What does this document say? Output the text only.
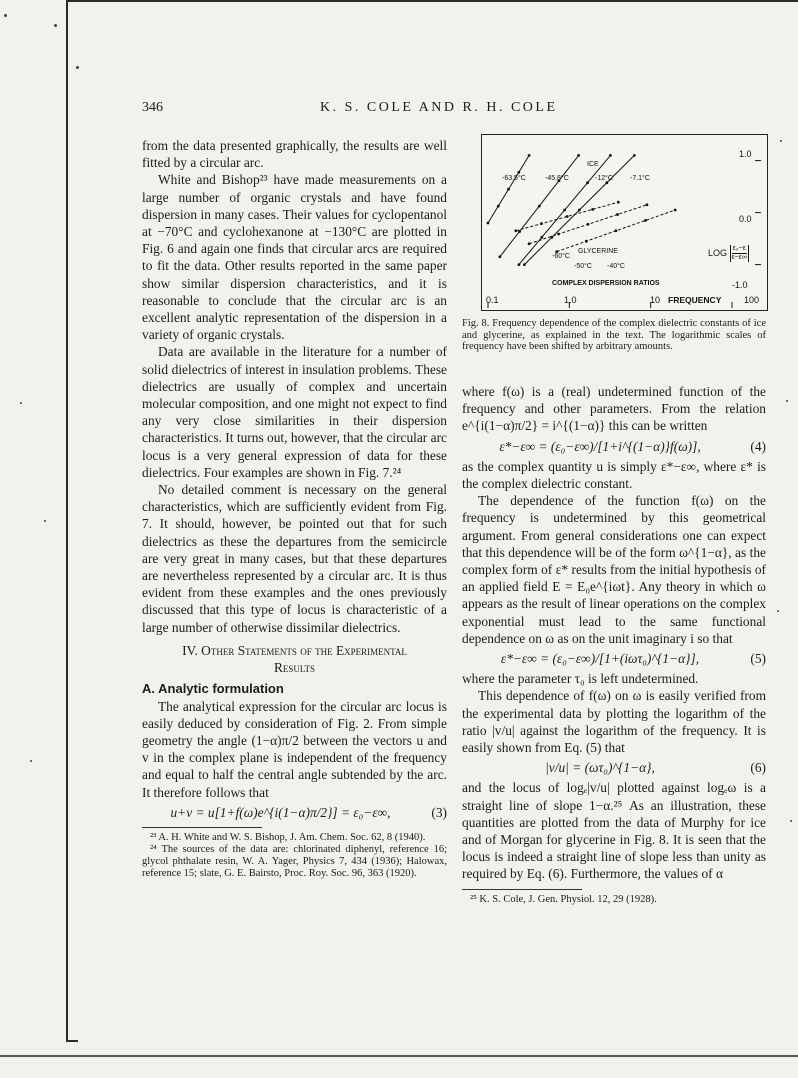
346	K. S. COLE AND R. H. COLE

from the data presented graphically, the results are well fitted by a circular arc.

White and Bishop²³ have made measurements on a large number of organic crystals and have found dispersion in many cases. Their values for cyclopentanol at −70°C and cyclohexanone at −130°C are plotted in Fig. 6 and again one finds that circular arcs are required to fit the data. Other results reported in the same paper show similar dispersion characteristics, and it is reasonable to conclude that the circular arc is an excellent analytic representation of the dispersion in a variety of organic crystals.

Data are available in the literature for a number of solid dielectrics of interest in insulation problems. These dielectrics are usually of complex and uncertain molecular composition, and one might not expect to find any very close similarities in their dispersion characteristics. It turns out, however, that the circular arc locus is a very general expression of data for these dielectrics. Four examples are shown in Fig. 7.²⁴

No detailed comment is necessary on the general characteristics, which are sufficiently evident from Fig. 7. It should, however, be pointed out that for such dielectrics as these the departures from the semicircle are very great in many cases, but that these departures are nevertheless represented by a circular arc. It is thus evident from these examples and the ones previously discussed that this type of locus is characteristic of a large number of otherwise dissimilar dielectrics.

IV. Other Statements of the Experimental
Results
A. Analytic formulation

The analytical expression for the circular arc locus is easily deduced by consideration of Fig. 2. From simple geometry the angle (1−α)π/2 between the vectors u and v in the complex plane is independent of the frequency and equal to half the central angle subtended by the arc. It therefore follows that

u+v = u[1+f(ω)e^{i(1−α)π/2}] = ε₀−ε∞,	(3)

²³ A. H. White and W. S. Bishop, J. Am. Chem. Soc. 62, 8 (1940).

²⁴ The sources of the data are: chlorinated diphenyl, reference 16; glycol phthalate resin, W. A. Yager, Physics 7, 434 (1936); Halowax, reference 15; slate, G. E. Bairsto, Proc. Roy. Soc. 96, 363 (1920).

ICE
-63.5°C	-45.8°C	-12°C -7.1°C
GLYCERINE
-60°C
-50°C -40°C
COMPLEX DISPERSION RATIOS
0.1	1.0	10 FREQUENCY	100
1.0
0.0
-1.0
LOG $\frac{\text{ε₀−ε}}{\varepsilon-\varepsilon\infty}$
Fig. 8. Frequency dependence of the complex dielectric constants of ice and glycerine, as explained in the text. The logarithmic scales of frequency have been shifted by arbitrary amounts.

where f(ω) is a (real) undetermined function of the frequency and other parameters. From the relation e^{i(1−α)π/2} = i^{(1−α)} this can be written

ε*−ε∞ = (ε₀−ε∞)/[1+i^{(1−α)}f(ω)],	(4)

as the complex quantity u is simply ε*−ε∞, where ε* is the complex dielectric constant.

The dependence of the function f(ω) on the frequency is undetermined by this geometrical argument. From general considerations one can expect that this dependence will be of the form ω^{1−α}, as the complex form of ε* results from the initial hypothesis of an applied field E = E₀e^{iωt}. Any theory in which ω appears as the result of linear operations on the complex exponential must lead to the same functional dependence on ω as on the unit imaginary i so that

ε*−ε∞ = (ε₀−ε∞)/[1+(iωτ₀)^{1−α}],	(5)

where the parameter τ₀ is left undetermined.

This dependence of f(ω) on ω is easily verified from the experimental data by plotting the logarithm of the ratio |v/u| against the logarithm of the frequency. It is easily shown from Eq. (5) that

|v/u| = (ωτ₀)^{1−α},	(6)

and the locus of logₑ|v/u| plotted against logₑω is a straight line of slope 1−α.²⁵ As an illustration, these quantities are plotted from the data of Murphy for ice and of Morgan for glycerine in Fig. 8. It is seen that the locus is indeed a straight line of slope less than unity as required by Eq. (6). Furthermore, the values of α

²⁵ K. S. Cole, J. Gen. Physiol. 12, 29 (1928).
